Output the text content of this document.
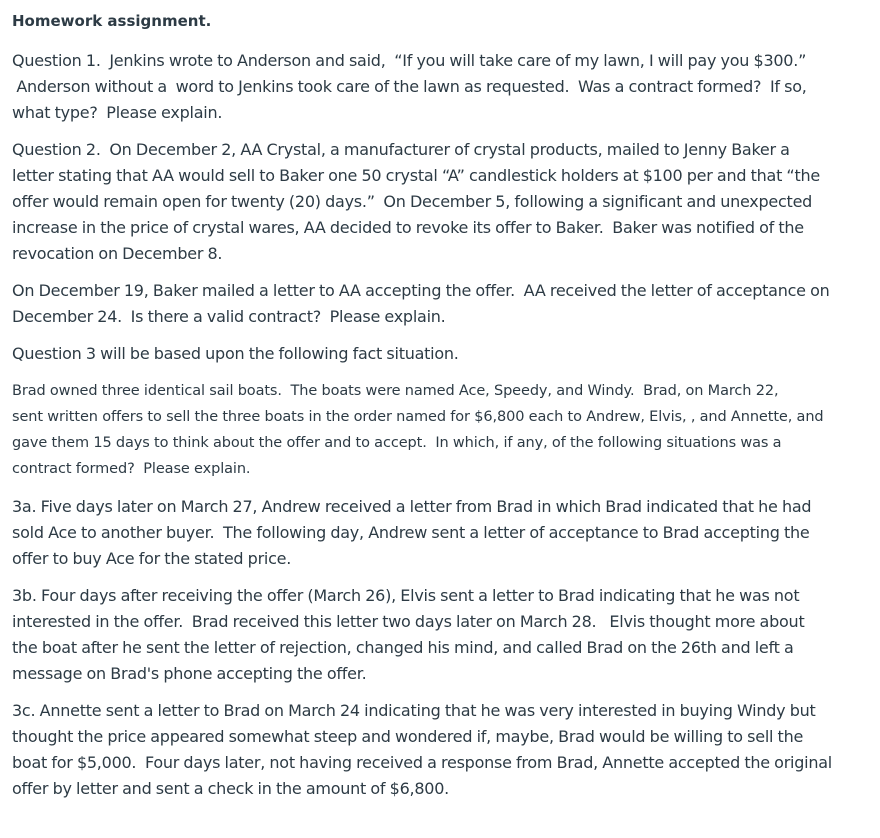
Homework assignment.
Question 1.  Jenkins wrote to Anderson and said,  “If you will take care of my lawn, I will pay you $300.”
Anderson without a  word to Jenkins took care of the lawn as requested.  Was a contract formed?  If so,
what type?  Please explain.
Question 2.  On December 2, AA Crystal, a manufacturer of crystal products, mailed to Jenny Baker a
letter stating that AA would sell to Baker one 50 crystal “A” candlestick holders at $100 per and that “the
offer would remain open for twenty (20) days.”  On December 5, following a significant and unexpected
increase in the price of crystal wares, AA decided to revoke its offer to Baker.  Baker was notified of the
revocation on December 8.
On December 19, Baker mailed a letter to AA accepting the offer.  AA received the letter of acceptance on
December 24.  Is there a valid contract?  Please explain.
Question 3 will be based upon the following fact situation.
Brad owned three identical sail boats.  The boats were named Ace, Speedy, and Windy.  Brad, on March 22,
sent written offers to sell the three boats in the order named for $6,800 each to Andrew, Elvis, , and Annette, and
gave them 15 days to think about the offer and to accept.  In which, if any, of the following situations was a
contract formed?  Please explain.
3a. Five days later on March 27, Andrew received a letter from Brad in which Brad indicated that he had
sold Ace to another buyer.  The following day, Andrew sent a letter of acceptance to Brad accepting the
offer to buy Ace for the stated price.
3b. Four days after receiving the offer (March 26), Elvis sent a letter to Brad indicating that he was not
interested in the offer.  Brad received this letter two days later on March 28.   Elvis thought more about
the boat after he sent the letter of rejection, changed his mind, and called Brad on the 26th and left a
message on Brad's phone accepting the offer.
3c. Annette sent a letter to Brad on March 24 indicating that he was very interested in buying Windy but
thought the price appeared somewhat steep and wondered if, maybe, Brad would be willing to sell the
boat for $5,000.  Four days later, not having received a response from Brad, Annette accepted the original
offer by letter and sent a check in the amount of $6,800.
